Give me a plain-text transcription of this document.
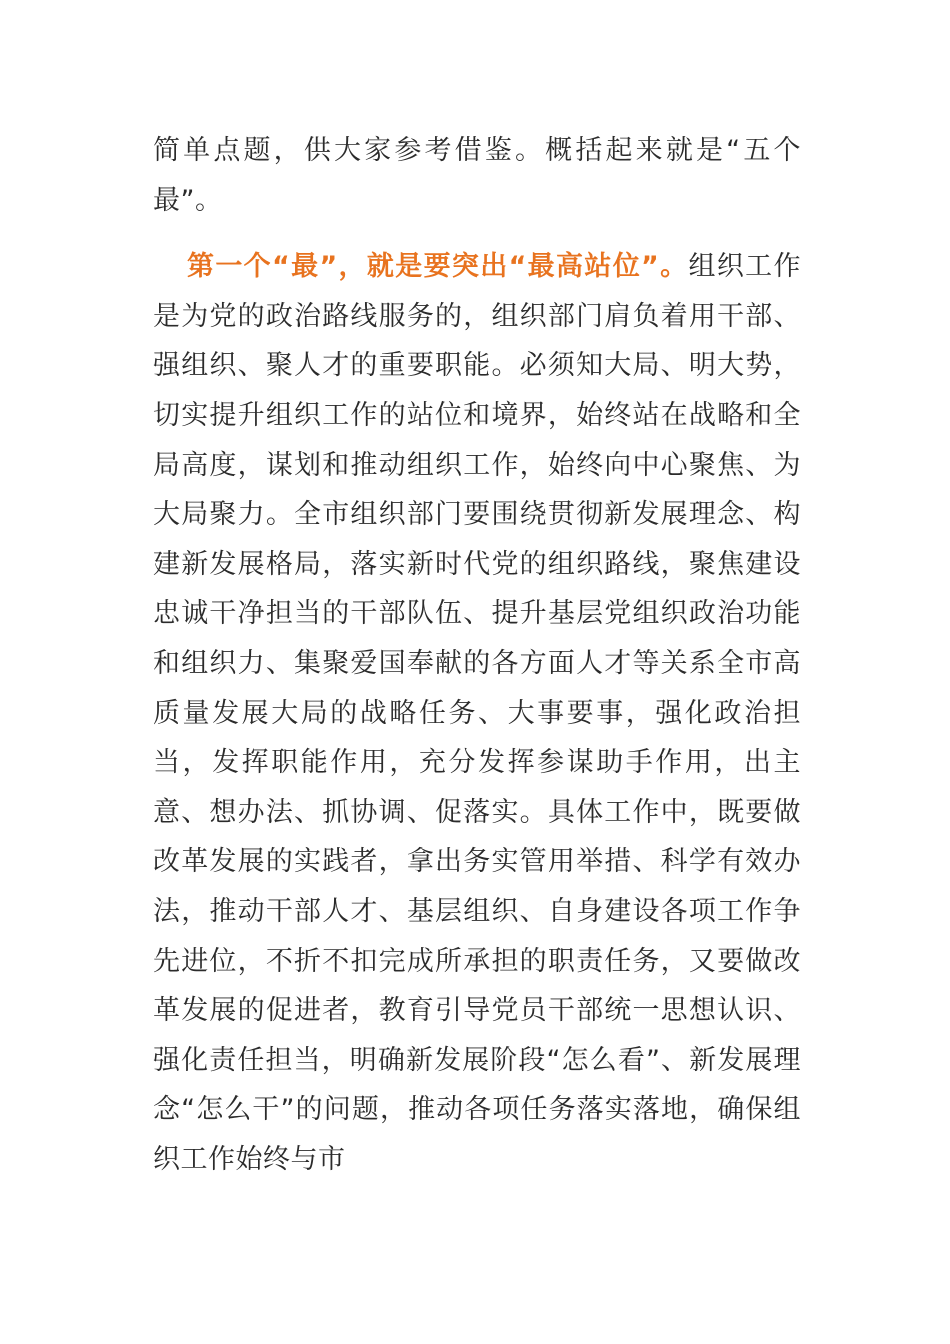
简单点题，供大家参考借鉴。概括起来就是“五个最”。

第一个“最”，就是要突出“最高站位”。组织工作是为党的政治路线服务的，组织部门肩负着用干部、强组织、聚人才的重要职能。必须知大局、明大势，切实提升组织工作的站位和境界，始终站在战略和全局高度，谋划和推动组织工作，始终向中心聚焦、为大局聚力。全市组织部门要围绕贯彻新发展理念、构建新发展格局，落实新时代党的组织路线，聚焦建设忠诚干净担当的干部队伍、提升基层党组织政治功能和组织力、集聚爱国奉献的各方面人才等关系全市高质量发展大局的战略任务、大事要事，强化政治担当，发挥职能作用，充分发挥参谋助手作用，出主意、想办法、抓协调、促落实。具体工作中，既要做改革发展的实践者，拿出务实管用举措、科学有效办法，推动干部人才、基层组织、自身建设各项工作争先进位，不折不扣完成所承担的职责任务，又要做改革发展的促进者，教育引导党员干部统一思想认识、强化责任担当，明确新发展阶段“怎么看”、新发展理念“怎么干”的问题，推动各项任务落实落地，确保组织工作始终与市
